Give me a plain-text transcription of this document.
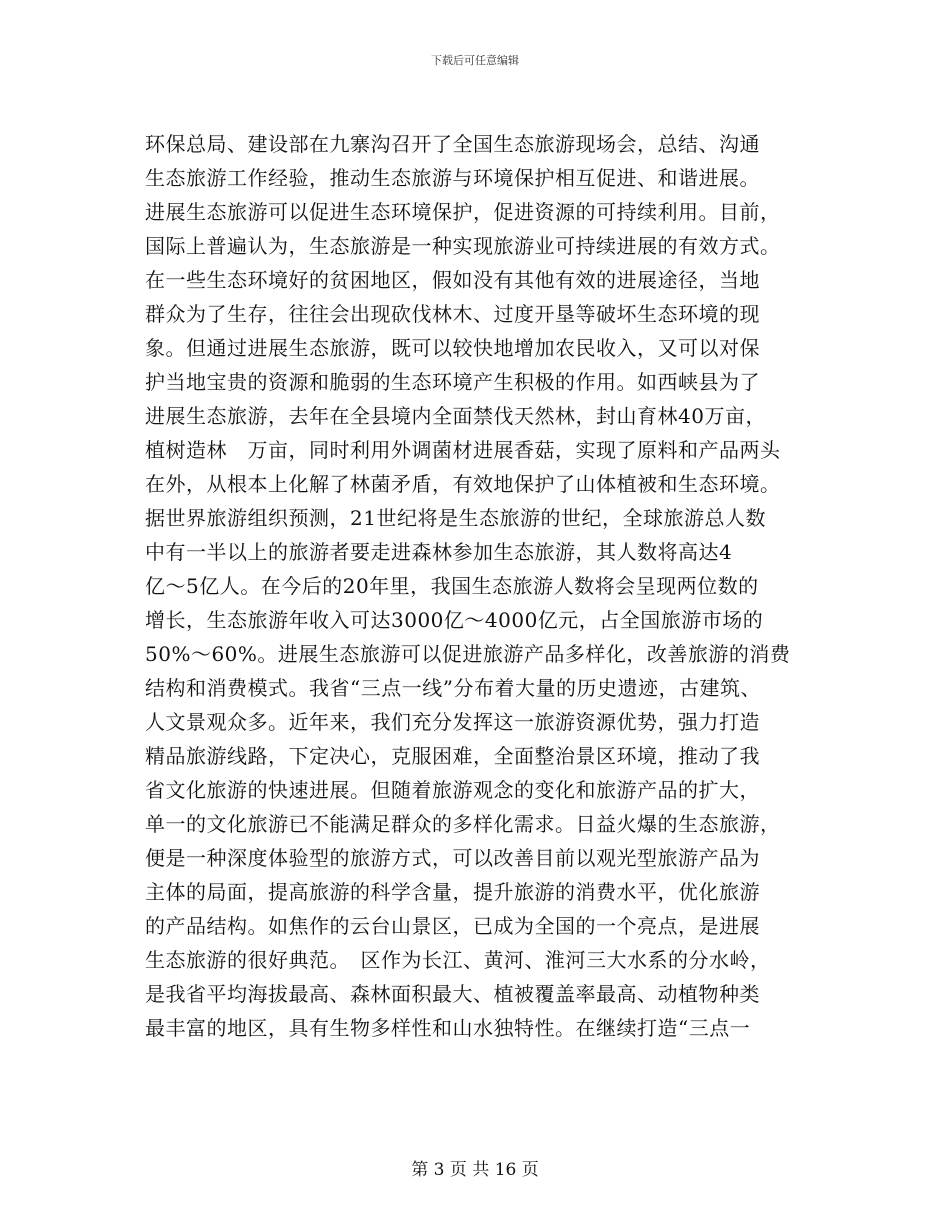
下载后可任意编辑
环保总局、建设部在九寨沟召开了全国生态旅游现场会，总结、沟通
生态旅游工作经验，推动生态旅游与环境保护相互促进、和谐进展。
进展生态旅游可以促进生态环境保护，促进资源的可持续利用。目前，
国际上普遍认为，生态旅游是一种实现旅游业可持续进展的有效方式。
在一些生态环境好的贫困地区，假如没有其他有效的进展途径，当地
群众为了生存，往往会出现砍伐林木、过度开垦等破坏生态环境的现
象。但通过进展生态旅游，既可以较快地增加农民收入，又可以对保
护当地宝贵的资源和脆弱的生态环境产生积极的作用。如西峡县为了
进展生态旅游，去年在全县境内全面禁伐天然林，封山育林40万亩，
植树造林　万亩，同时利用外调菌材进展香菇，实现了原料和产品两头
在外，从根本上化解了林菌矛盾，有效地保护了山体植被和生态环境。
据世界旅游组织预测，21世纪将是生态旅游的世纪，全球旅游总人数
中有一半以上的旅游者要走进森林参加生态旅游，其人数将高达4
亿～5亿人。在今后的20年里，我国生态旅游人数将会呈现两位数的
增长，生态旅游年收入可达3000亿～4000亿元，占全国旅游市场的
50%～60%。进展生态旅游可以促进旅游产品多样化，改善旅游的消费
结构和消费模式。我省“三点一线”分布着大量的历史遗迹，古建筑、
人文景观众多。近年来，我们充分发挥这一旅游资源优势，强力打造
精品旅游线路，下定决心，克服困难，全面整治景区环境，推动了我
省文化旅游的快速进展。但随着旅游观念的变化和旅游产品的扩大，
单一的文化旅游已不能满足群众的多样化需求。日益火爆的生态旅游，
便是一种深度体验型的旅游方式，可以改善目前以观光型旅游产品为
主体的局面，提高旅游的科学含量，提升旅游的消费水平，优化旅游
的产品结构。如焦作的云台山景区，已成为全国的一个亮点，是进展
生态旅游的很好典范。　区作为长江、黄河、淮河三大水系的分水岭，
是我省平均海拔最高、森林面积最大、植被覆盖率最高、动植物种类
最丰富的地区，具有生物多样性和山水独特性。在继续打造“三点一
第 3 页 共 16 页
